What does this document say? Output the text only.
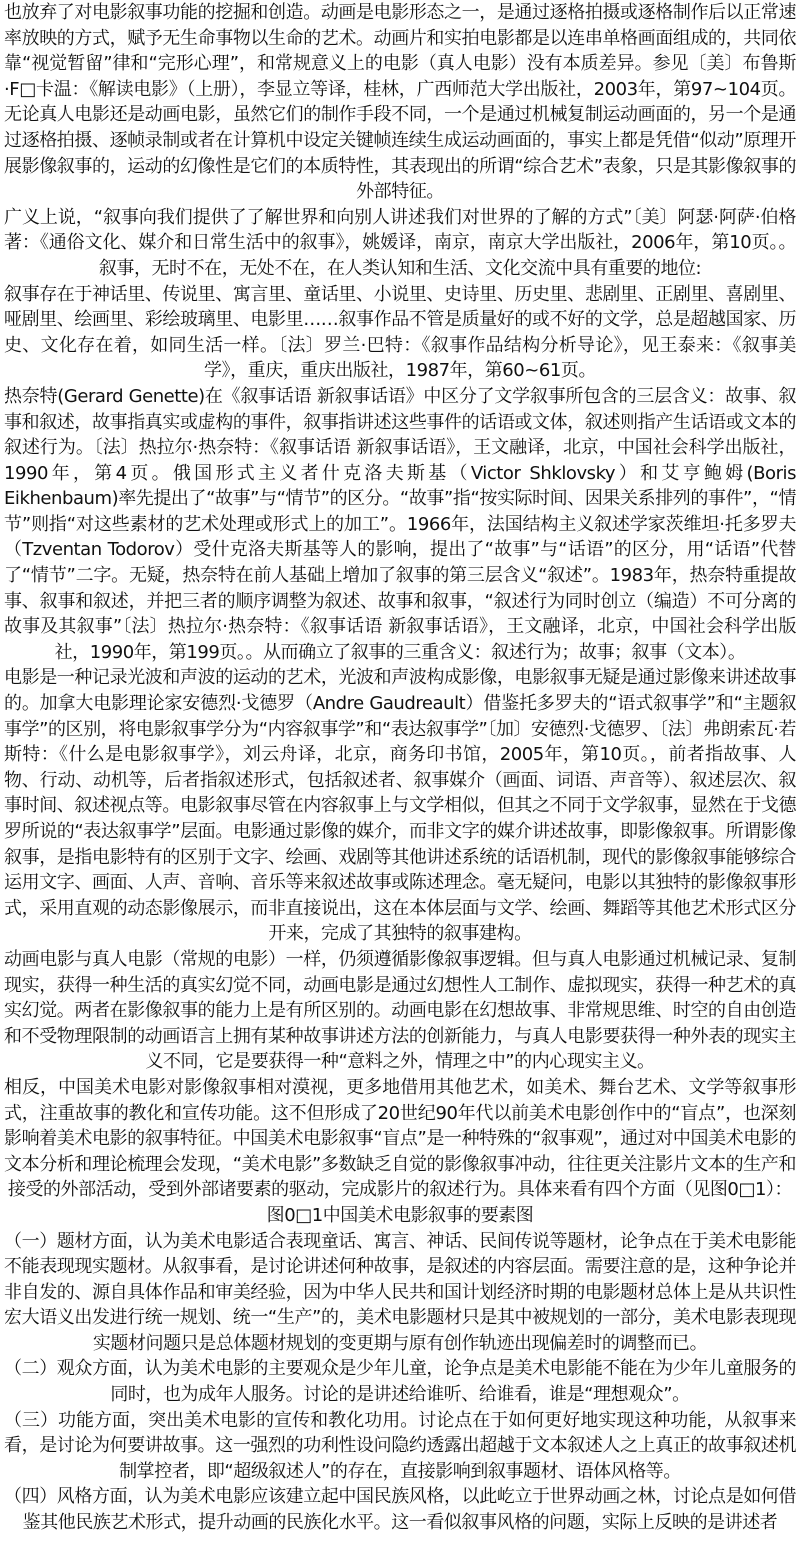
也放弃了对电影叙事功能的挖掘和创造。动画是电影形态之一，是通过逐格拍摄或逐格制作后以正常速率放映的方式，赋予无生命事物以生命的艺术。动画片和实拍电影都是以连串单格画面组成的，共同依靠“视觉暂留”律和“完形心理”，和常规意义上的电影（真人电影）没有本质差异。参见〔美〕布鲁斯·F□卡温：《解读电影》（上册），李显立等译，桂林，广西师范大学出版社，2003年，第97~104页。无论真人电影还是动画电影，虽然它们的制作手段不同，一个是通过机械复制运动画面的，另一个是通过逐格拍摄、逐帧录制或者在计算机中设定关键帧连续生成运动画面的，事实上都是凭借“似动”原理开展影像叙事的，运动的幻像性是它们的本质特性，其表现出的所谓“综合艺术”表象，只是其影像叙事的外部特征。

广义上说，“叙事向我们提供了了解世界和向别人讲述我们对世界的了解的方式”〔美〕阿瑟·阿萨·伯格著：《通俗文化、媒介和日常生活中的叙事》，姚媛译，南京，南京大学出版社，2006年，第10页。。叙事，无时不在，无处不在，在人类认知和生活、文化交流中具有重要的地位:

叙事存在于神话里、传说里、寓言里、童话里、小说里、史诗里、历史里、悲剧里、正剧里、喜剧里、哑剧里、绘画里、彩绘玻璃里、电影里……叙事作品不管是质量好的或不好的文学，总是超越国家、历史、文化存在着，如同生活一样。〔法〕罗兰·巴特：《叙事作品结构分析导论》，见王泰来：《叙事美学》，重庆，重庆出版社，1987年，第60~61页。

热奈特(Gerard Genette)在《叙事话语 新叙事话语》中区分了文学叙事所包含的三层含义：故事、叙事和叙述，故事指真实或虚构的事件，叙事指讲述这些事件的话语或文体，叙述则指产生话语或文本的叙述行为。〔法〕热拉尔·热奈特：《叙事话语 新叙事话语》，王文融译，北京，中国社会科学出版社，1990年，第4页。俄国形式主义者什克洛夫斯基（Victor Shklovsky）和艾亨鲍姆(Boris Eikhenbaum)率先提出了“故事”与“情节”的区分。“故事”指“按实际时间、因果关系排列的事件”，“情节”则指“对这些素材的艺术处理或形式上的加工”。1966年，法国结构主义叙述学家茨维坦·托多罗夫（Tzventan Todorov）受什克洛夫斯基等人的影响，提出了“故事”与“话语”的区分，用“话语”代替了“情节”二字。无疑，热奈特在前人基础上增加了叙事的第三层含义“叙述”。1983年，热奈特重提故事、叙事和叙述，并把三者的顺序调整为叙述、故事和叙事，“叙述行为同时创立（编造）不可分离的故事及其叙事”〔法〕热拉尔·热奈特：《叙事话语 新叙事话语》，王文融译，北京，中国社会科学出版社，1990年，第199页。。从而确立了叙事的三重含义：叙述行为；故事；叙事（文本）。

电影是一种记录光波和声波的运动的艺术，光波和声波构成影像，电影叙事无疑是通过影像来讲述故事的。加拿大电影理论家安德烈·戈德罗（Andre Gaudreault）借鉴托多罗夫的“语式叙事学”和“主题叙事学”的区别，将电影叙事学分为“内容叙事学”和“表达叙事学”〔加〕安德烈·戈德罗、〔法〕弗朗索瓦·若斯特：《什么是电影叙事学》，刘云舟译，北京，商务印书馆，2005年，第10页。，前者指故事、人物、行动、动机等，后者指叙述形式，包括叙述者、叙事媒介（画面、词语、声音等）、叙述层次、叙事时间、叙述视点等。电影叙事尽管在内容叙事上与文学相似，但其之不同于文学叙事，显然在于戈德罗所说的“表达叙事学”层面。电影通过影像的媒介，而非文字的媒介讲述故事，即影像叙事。所谓影像叙事，是指电影特有的区别于文字、绘画、戏剧等其他讲述系统的话语机制，现代的影像叙事能够综合运用文字、画面、人声、音响、音乐等来叙述故事或陈述理念。毫无疑问，电影以其独特的影像叙事形式，采用直观的动态影像展示，而非直接说出，这在本体层面与文学、绘画、舞蹈等其他艺术形式区分开来，完成了其独特的叙事建构。

动画电影与真人电影（常规的电影）一样，仍须遵循影像叙事逻辑。但与真人电影通过机械记录、复制现实，获得一种生活的真实幻觉不同，动画电影是通过幻想性人工制作、虚拟现实，获得一种艺术的真实幻觉。两者在影像叙事的能力上是有所区别的。动画电影在幻想故事、非常规思维、时空的自由创造和不受物理限制的动画语言上拥有某种故事讲述方法的创新能力，与真人电影要获得一种外表的现实主义不同，它是要获得一种“意料之外，情理之中”的内心现实主义。

相反，中国美术电影对影像叙事相对漠视，更多地借用其他艺术，如美术、舞台艺术、文学等叙事形式，注重故事的教化和宣传功能。这不但形成了20世纪90年代以前美术电影创作中的“盲点”，也深刻影响着美术电影的叙事特征。中国美术电影叙事“盲点”是一种特殊的“叙事观”，通过对中国美术电影的文本分析和理论梳理会发现，“美术电影”多数缺乏自觉的影像叙事冲动，往往更关注影片文本的生产和接受的外部活动，受到外部诸要素的驱动，完成影片的叙述行为。具体来看有四个方面（见图0□1）：

图0□1中国美术电影叙事的要素图

（一）题材方面，认为美术电影适合表现童话、寓言、神话、民间传说等题材，论争点在于美术电影能不能表现现实题材。从叙事看，是讨论讲述何种故事，是叙述的内容层面。需要注意的是，这种争论并非自发的、源自具体作品和审美经验，因为中华人民共和国计划经济时期的电影题材总体上是从共识性宏大语义出发进行统一规划、统一“生产”的，美术电影题材只是其中被规划的一部分，美术电影表现现实题材问题只是总体题材规划的变更期与原有创作轨迹出现偏差时的调整而已。

（二）观众方面，认为美术电影的主要观众是少年儿童，论争点是美术电影能不能在为少年儿童服务的同时，也为成年人服务。讨论的是讲述给谁听、给谁看，谁是“理想观众”。

（三）功能方面，突出美术电影的宣传和教化功用。讨论点在于如何更好地实现这种功能，从叙事来看，是讨论为何要讲故事。这一强烈的功利性设问隐约透露出超越于文本叙述人之上真正的故事叙述机制掌控者，即“超级叙述人”的存在，直接影响到叙事题材、语体风格等。

（四）风格方面，认为美术电影应该建立起中国民族风格，以此屹立于世界动画之林，讨论点是如何借鉴其他民族艺术形式，提升动画的民族化水平。这一看似叙事风格的问题，实际上反映的是讲述者
